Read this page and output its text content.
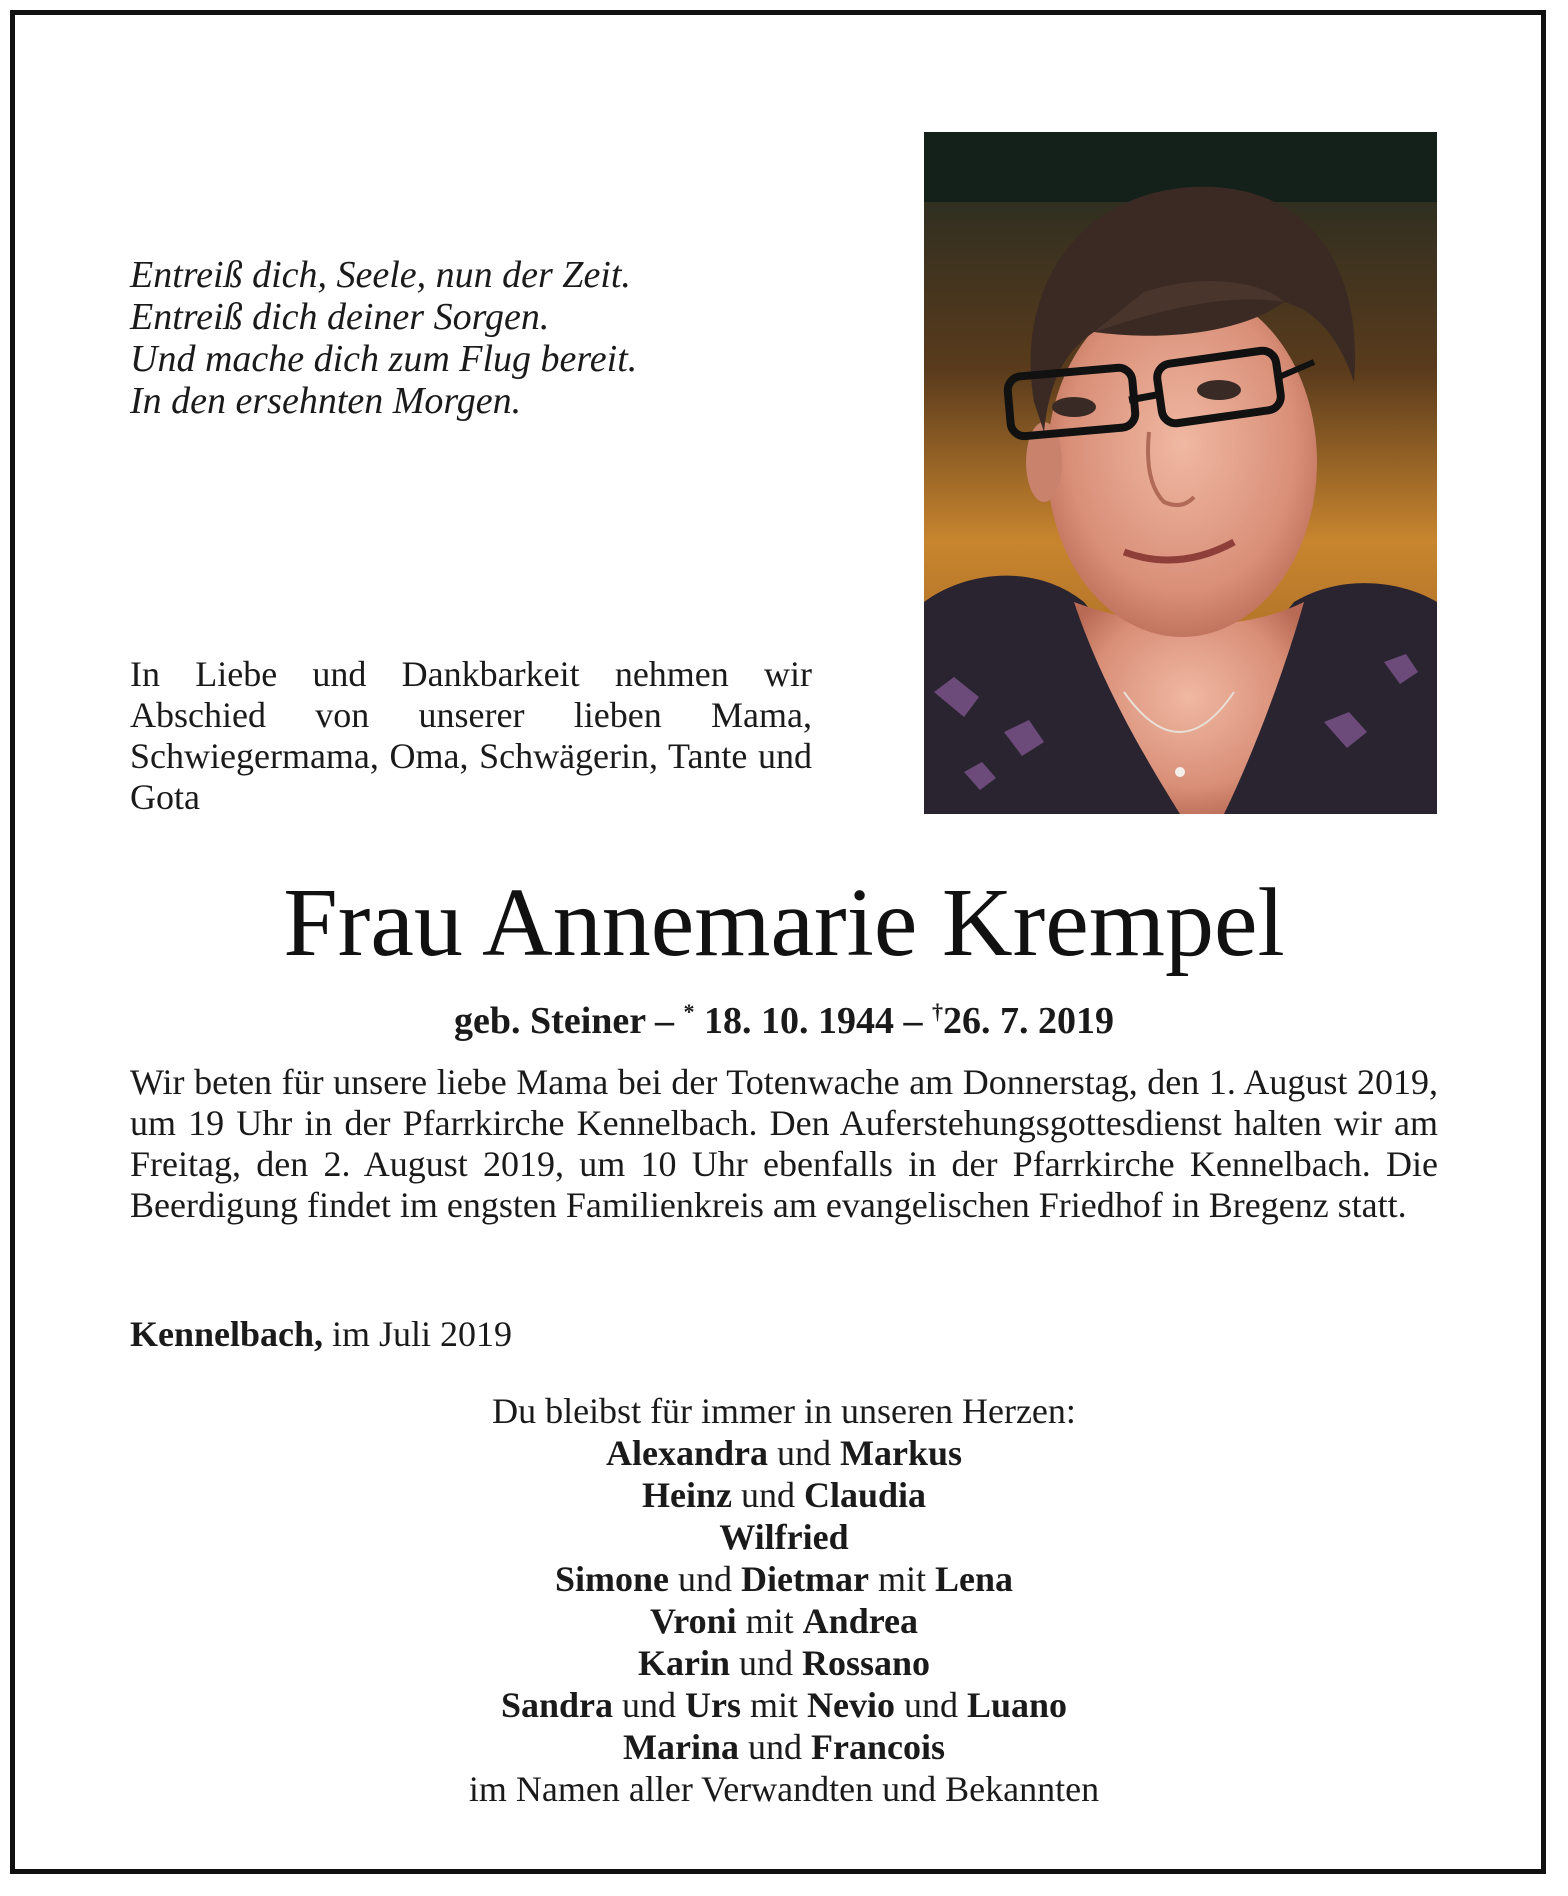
Entreiß dich, Seele, nun der Zeit.
Entreiß dich deiner Sorgen.
Und mache dich zum Flug bereit.
In den ersehnten Morgen.
In Liebe und Dankbarkeit nehmen wir Abschied von unserer lieben Mama, Schwiegermama, Oma, Schwägerin, Tante und Gota
Frau Annemarie Krempel
geb. Steiner – * 18. 10. 1944 – †26. 7. 2019
Wir beten für unsere liebe Mama bei der Totenwache am Donnerstag, den 1. August 2019, um 19 Uhr in der Pfarrkirche Kennelbach. Den Auferstehungsgottesdienst halten wir am Freitag, den 2. August 2019, um 10 Uhr ebenfalls in der Pfarrkirche Kennelbach. Die Beerdigung findet im engsten Familienkreis am evangelischen Friedhof in Bregenz statt.
Kennelbach, im Juli 2019
Du bleibst für immer in unseren Herzen:
Alexandra und Markus
Heinz und Claudia
Wilfried
Simone und Dietmar mit Lena
Vroni mit Andrea
Karin und Rossano
Sandra und Urs mit Nevio und Luano
Marina und Francois
im Namen aller Verwandten und Bekannten
